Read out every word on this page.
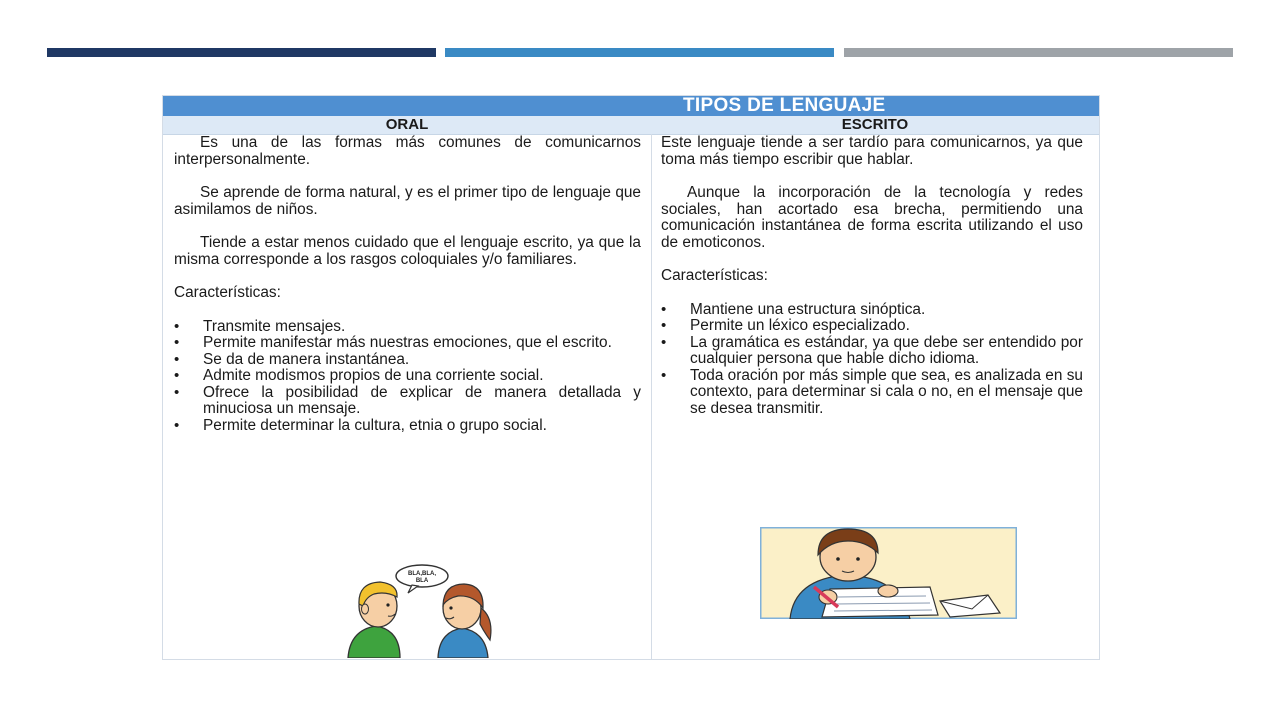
TIPOS DE LENGUAJE
ORAL	ESCRITO

Es una de las formas más comunes de comunicarnos interpersonalmente.

Se aprende de forma natural, y es el primer tipo de lenguaje que asimilamos de niños.

Tiende a estar menos cuidado que el lenguaje escrito, ya que la misma corresponde a los rasgos coloquiales y/o familiares.

Características:

• Transmite mensajes.
• Permite manifestar más nuestras emociones, que el escrito.
• Se da de manera instantánea.
• Admite modismos propios de una corriente social.
• Ofrece la posibilidad de explicar de manera detallada y minuciosa un mensaje.
• Permite determinar la cultura, etnia o grupo social.

Este lenguaje tiende a ser tardío para comunicarnos, ya que toma más tiempo escribir que hablar.

Aunque la incorporación de la tecnología y redes sociales, han acortado esa brecha, permitiendo una comunicación instantánea de forma escrita utilizando el uso de emoticonos.

Características:

• Mantiene una estructura sinóptica.
• Permite un léxico especializado.
• La gramática es estándar, ya que debe ser entendido por cualquier persona que hable dicho idioma.
• Toda oración por más simple que sea, es analizada en su contexto, para determinar si cala o no, en el mensaje que se desea transmitir.
BLA,BLA,
BLA
